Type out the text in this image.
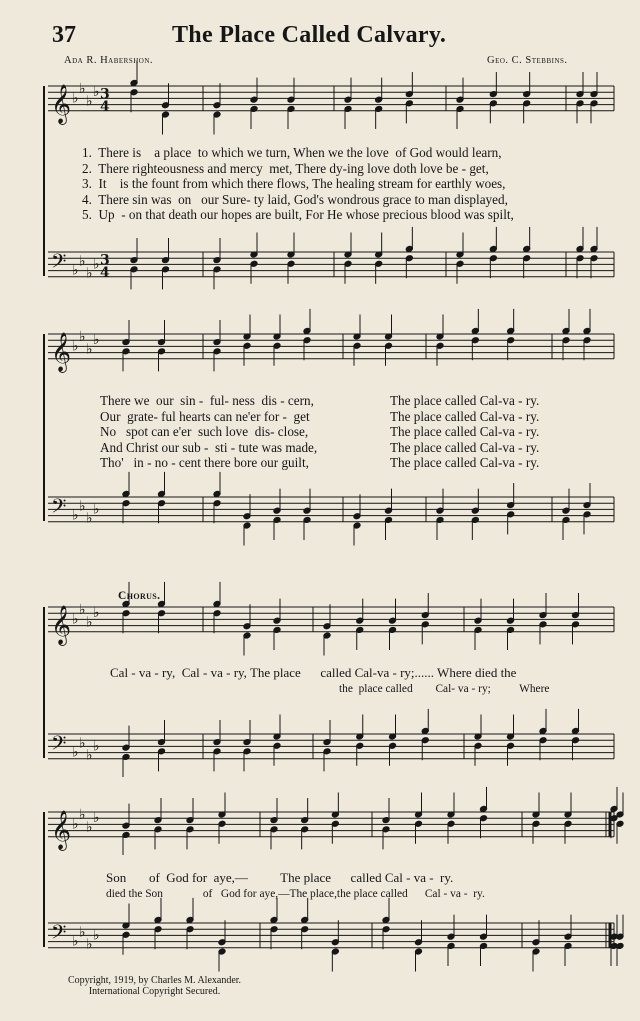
37	The Place Called Calvary.
Ada R. Habershon.	Geo. C. Stebbins.
𝄞 ♭
♭
♭
♭ 3
4
𝄢 ♭
♭
♭
♭ 3
4
𝄞 ♭
♭
♭
♭
𝄢 ♭
♭
♭
♭
𝄞 ♭
♭
♭
♭
𝄢 ♭
♭
♭
♭
𝄞 ♭
♭
♭
♭
𝄢 ♭
♭
♭
♭
1.  There is    a place  to which we turn, When we the love  of God would learn,
2.  There righteousness and mercy  met, There dy-ing love doth love be - get,
3.  It    is the fount from which there flows, The healing stream for earthly woes,
4.  There sin was  on   our Sure- ty laid, God's wondrous grace to man displayed,
5.  Up  - on that death our hopes are built, For He whose precious blood was spilt,
There we  our  sin -  ful- ness  dis - cern,
Our  grate- ful hearts can ne'er for -  get
No   spot can e'er  such love  dis- close,
And Christ our sub -  sti - tute was made,
Tho'   in - no - cent there bore our guilt,
The place called Cal-va - ry.
The place called Cal-va - ry.
The place called Cal-va - ry.
The place called Cal-va - ry.
The place called Cal-va - ry.
Chorus.
Cal - va - ry,  Cal - va - ry, The place      called Cal-va - ry;...... Where died the
the  place called        Cal- va - ry;          Where
Son       of  God for  aye,—          The place      called Cal - va -  ry.
died the Son              of   God for aye,—The place,the place called      Cal - va -  ry.
Copyright, 1919, by Charles M. Alexander.
International Copyright Secured.
